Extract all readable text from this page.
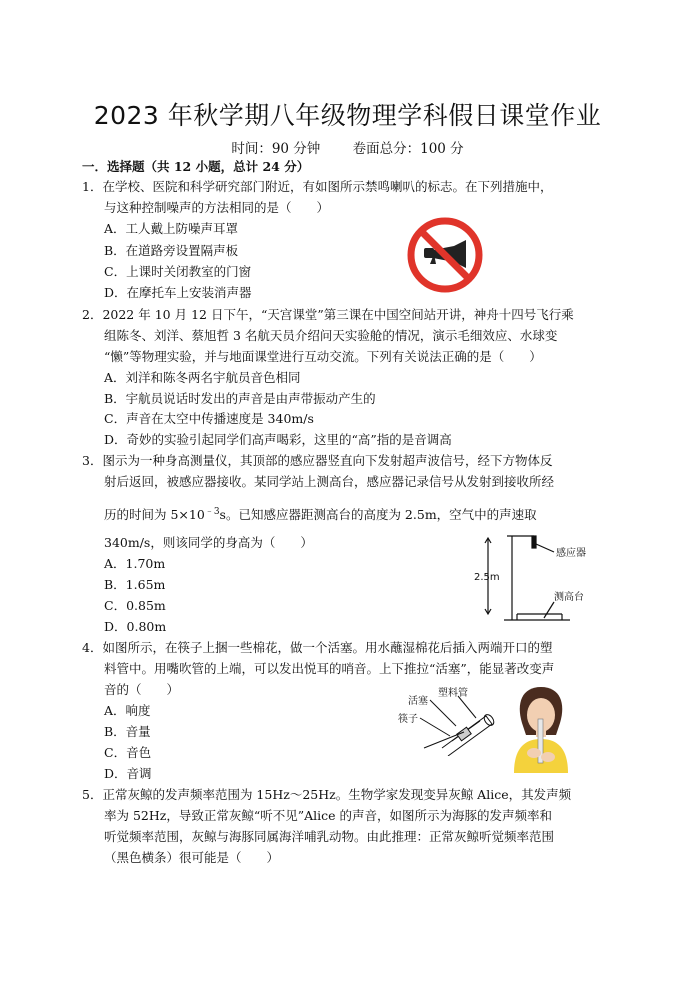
2023 年秋学期八年级物理学科假日课堂作业
时间：90 分钟 卷面总分：100 分
一．选择题（共 12 小题，总计 24 分）
1．在学校、医院和科学研究部门附近，有如图所示禁鸣喇叭的标志。在下列措施中，
与这种控制噪声的方法相同的是（　　）
A．工人戴上防噪声耳罩
B．在道路旁设置隔声板
C．上课时关闭教室的门窗
D．在摩托车上安装消声器
2．2022 年 10 月 12 日下午，“天宫课堂”第三课在中国空间站开讲，神舟十四号飞行乘
组陈冬、刘洋、蔡旭哲 3 名航天员介绍问天实验舱的情况，演示毛细效应、水球变
“懒”等物理实验，并与地面课堂进行互动交流。下列有关说法正确的是（　　）
A．刘洋和陈冬两名宇航员音色相同
B．宇航员说话时发出的声音是由声带振动产生的
C．声音在太空中传播速度是 340m/s
D．奇妙的实验引起同学们高声喝彩，这里的“高”指的是音调高
3．图示为一种身高测量仪，其顶部的感应器竖直向下发射超声波信号，经下方物体反
射后返回，被感应器接收。某同学站上测高台，感应器记录信号从发射到接收所经
历的时间为 $5\times 10^{﹣3}s$。已知感应器距测高台的高度为 2.5m，空气中的声速取
340m/s，则该同学的身高为（　　）
A．1.70m
B．1.65m
C．0.85m
D．0.80m
感应器
2.5m
测高台
4．如图所示，在筷子上捆一些棉花，做一个活塞。用水蘸湿棉花后插入两端开口的塑
料管中。用嘴吹管的上端，可以发出悦耳的哨音。上下推拉“活塞”，能显著改变声
音的（　　）
A．响度
B．音量
C．音色
D．音调
活塞
塑料管
筷子
5．正常灰鲸的发声频率范围为 15Hz～25Hz。生物学家发现变异灰鲸 Alice，其发声频
率为 52Hz，导致正常灰鲸“听不见”Alice 的声音，如图所示为海豚的发声频率和
听觉频率范围，灰鲸与海豚同属海洋哺乳动物。由此推理：正常灰鲸听觉频率范围
（黑色横条）很可能是（　　）
